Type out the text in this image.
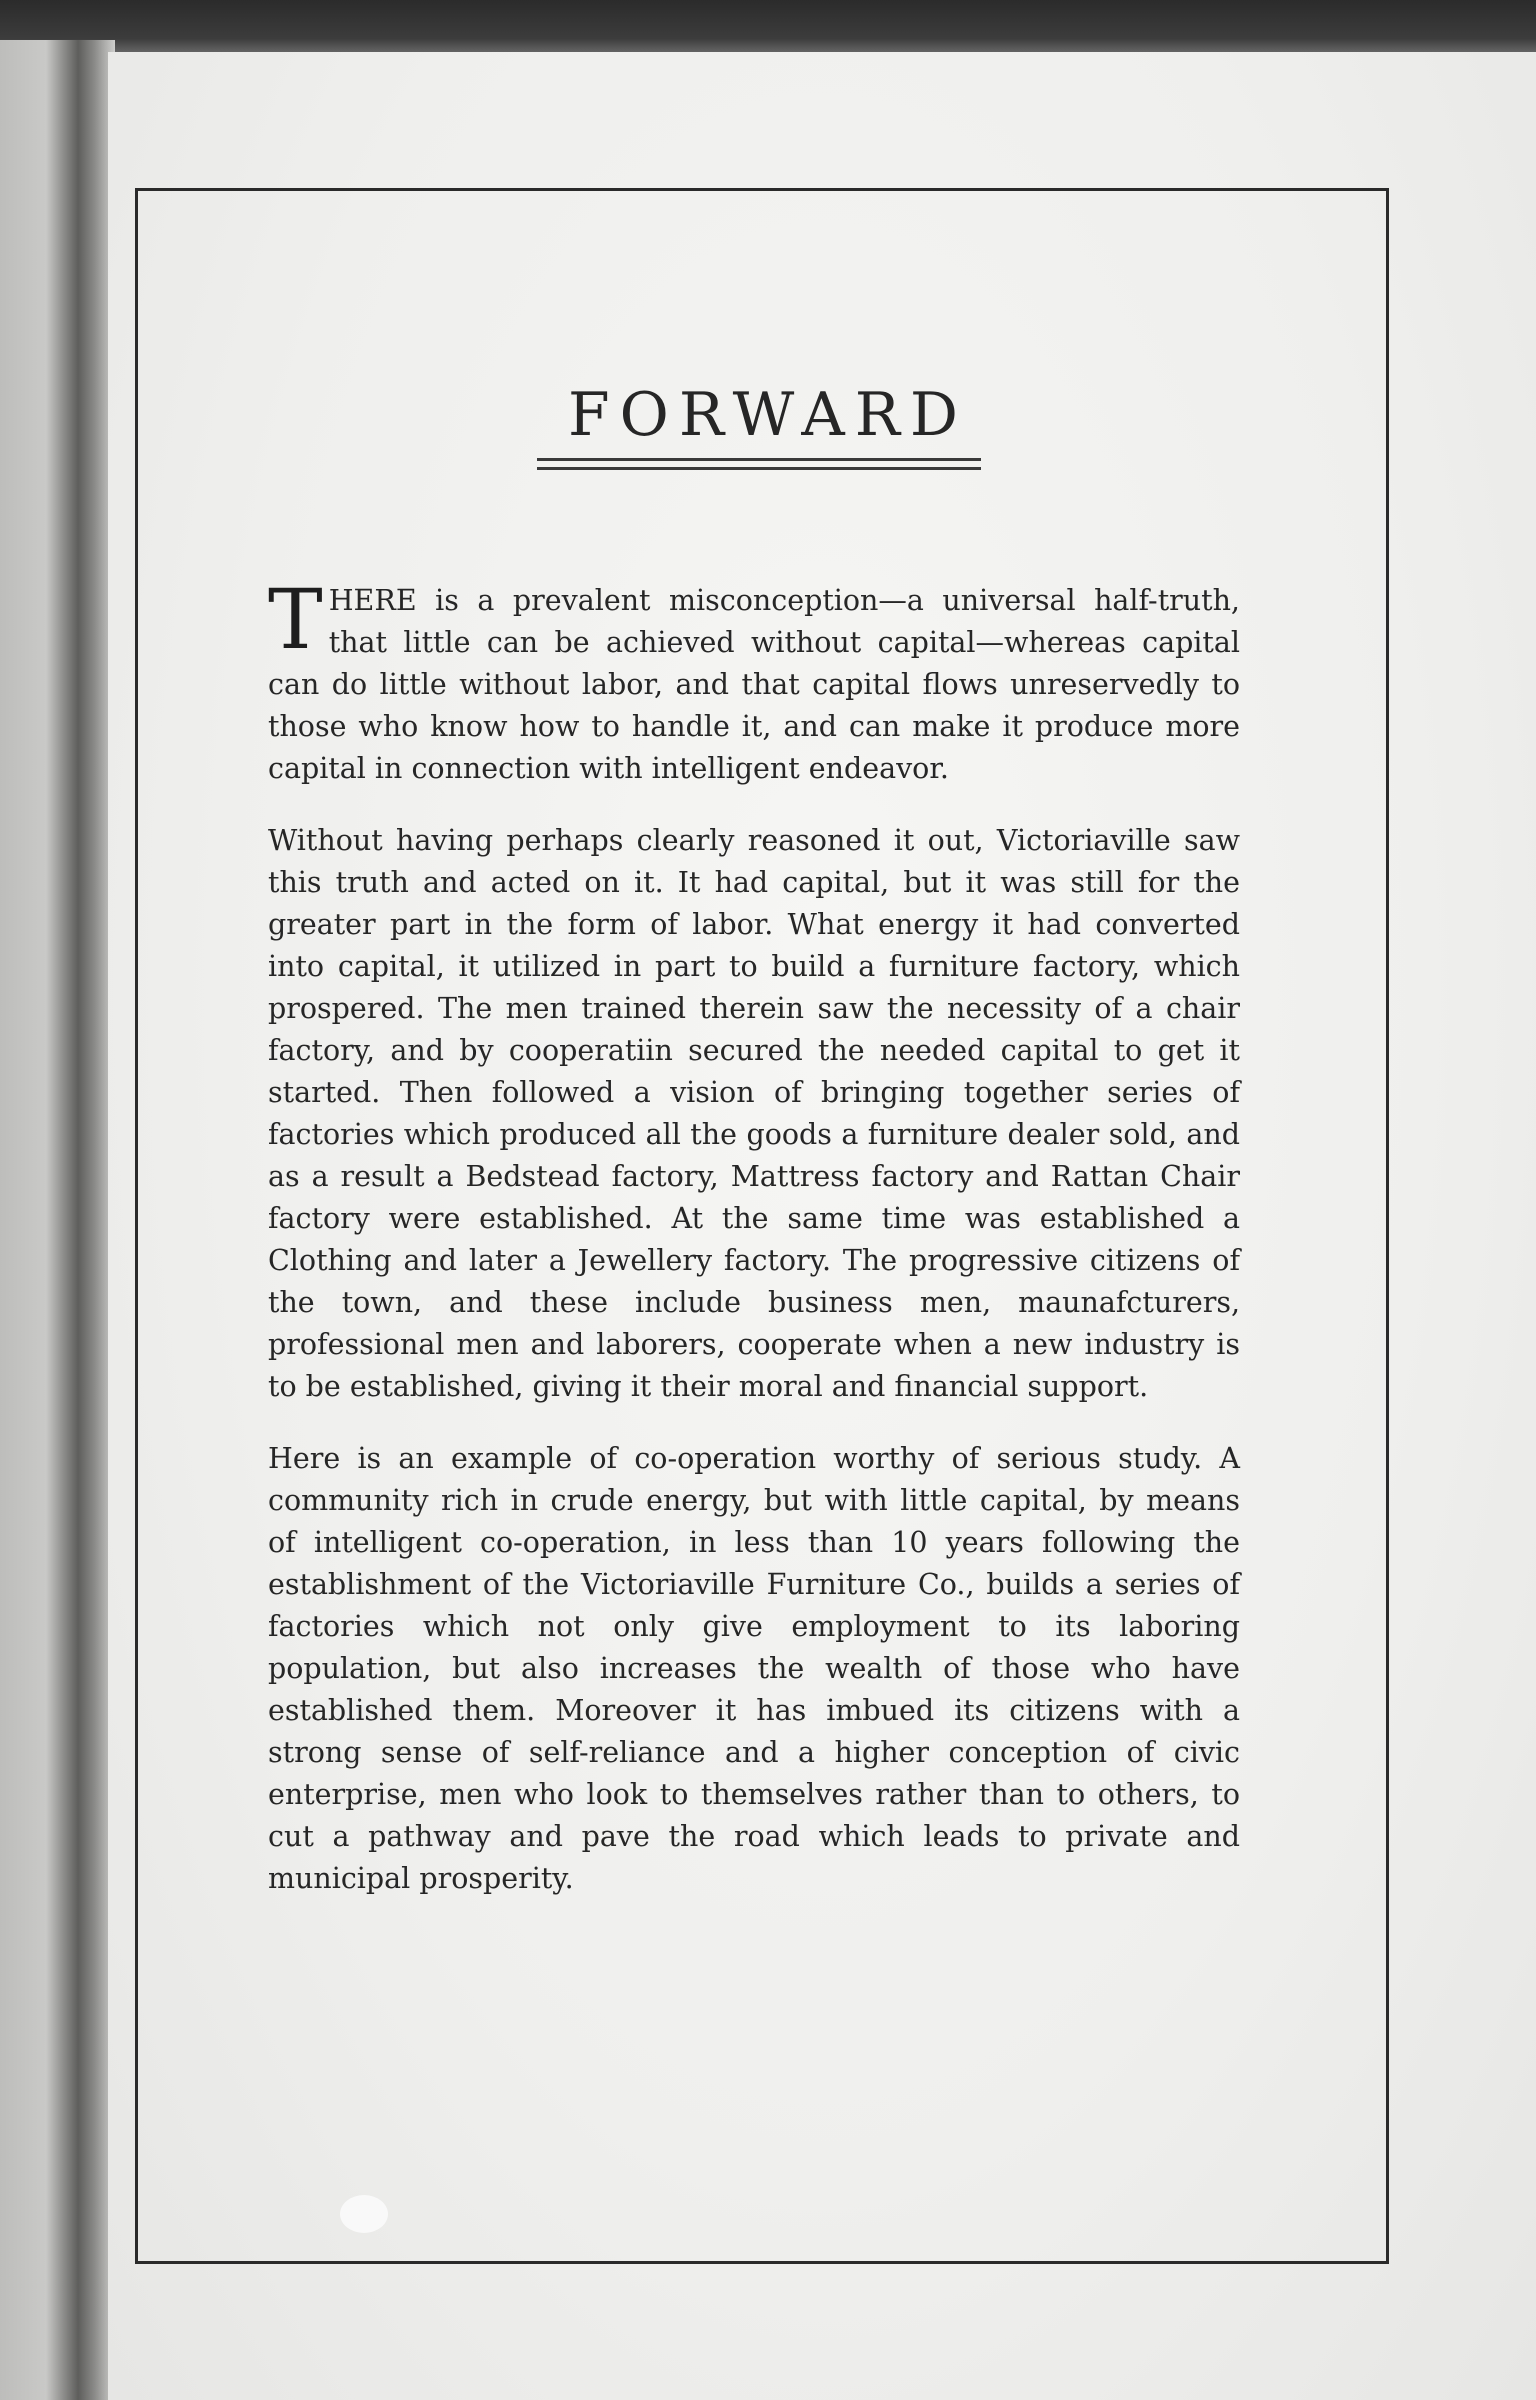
FORWARD

THERE is a prevalent misconception—a universal half-truth, that little can be achieved without capital—whereas capital can do little without labor, and that capital flows unreservedly to those who know how to handle it, and can make it produce more capital in connection with intelligent endeavor.

Without having perhaps clearly reasoned it out, Victoriaville saw this truth and acted on it. It had capital, but it was still for the greater part in the form of labor. What energy it had converted into capital, it utilized in part to build a furniture factory, which prospered. The men trained therein saw the necessity of a chair factory, and by cooperatiin secured the needed capital to get it started. Then followed a vision of bringing together series of factories which produced all the goods a furniture dealer sold, and as a result a Bedstead factory, Mattress factory and Rattan Chair factory were established. At the same time was established a Clothing and later a Jewellery factory. The progressive citizens of the town, and these include business men, maunafcturers, professional men and laborers, cooperate when a new industry is to be established, giving it their moral and financial support.

Here is an example of co-operation worthy of serious study. A community rich in crude energy, but with little capital, by means of intelligent co-operation, in less than 10 years following the establishment of the Victoriaville Furniture Co., builds a series of factories which not only give employment to its laboring population, but also increases the wealth of those who have established them. Moreover it has imbued its citizens with a strong sense of self-reliance and a higher conception of civic enterprise, men who look to themselves rather than to others, to cut a pathway and pave the road which leads to private and municipal prosperity.
